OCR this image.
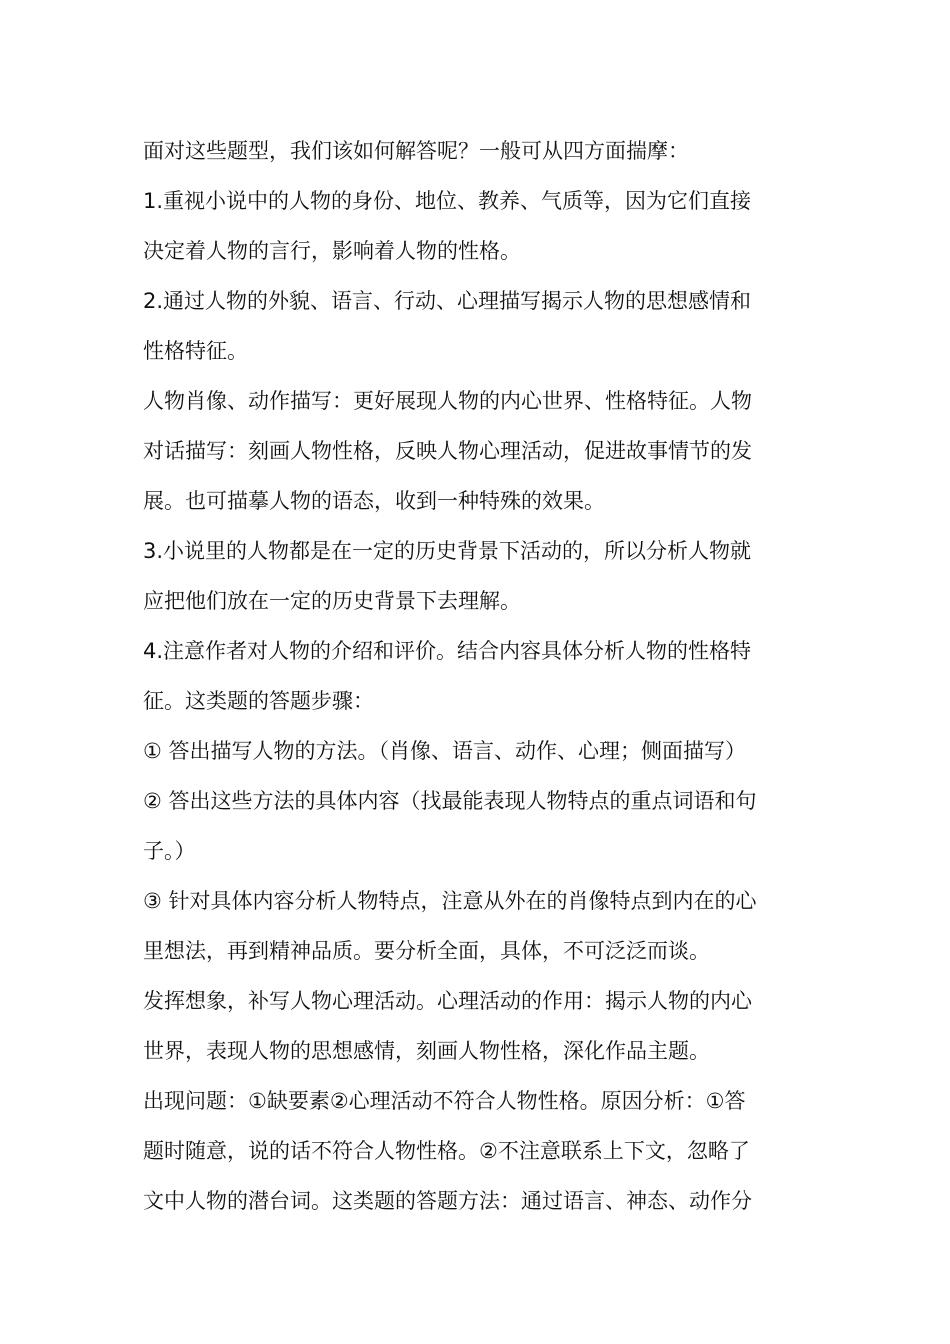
面对这些题型，我们该如何解答呢？一般可从四方面揣摩：
1.重视小说中的人物的身份、地位、教养、气质等，因为它们直接
决定着人物的言行，影响着人物的性格。
2.通过人物的外貌、语言、行动、心理描写揭示人物的思想感情和
性格特征。
人物肖像、动作描写：更好展现人物的内心世界、性格特征。人物
对话描写：刻画人物性格，反映人物心理活动，促进故事情节的发
展。也可描摹人物的语态，收到一种特殊的效果。
3.小说里的人物都是在一定的历史背景下活动的，所以分析人物就
应把他们放在一定的历史背景下去理解。
4.注意作者对人物的介绍和评价。结合内容具体分析人物的性格特
征。这类题的答题步骤：
① 答出描写人物的方法。（肖像、语言、动作、心理；侧面描写）
② 答出这些方法的具体内容（找最能表现人物特点的重点词语和句
子。）
③ 针对具体内容分析人物特点，注意从外在的肖像特点到内在的心
里想法，再到精神品质。要分析全面，具体，不可泛泛而谈。
发挥想象，补写人物心理活动。心理活动的作用：揭示人物的内心
世界，表现人物的思想感情，刻画人物性格，深化作品主题。
出现问题：①缺要素②心理活动不符合人物性格。原因分析：①答
题时随意，说的话不符合人物性格。②不注意联系上下文，忽略了
文中人物的潜台词。这类题的答题方法：通过语言、神态、动作分
